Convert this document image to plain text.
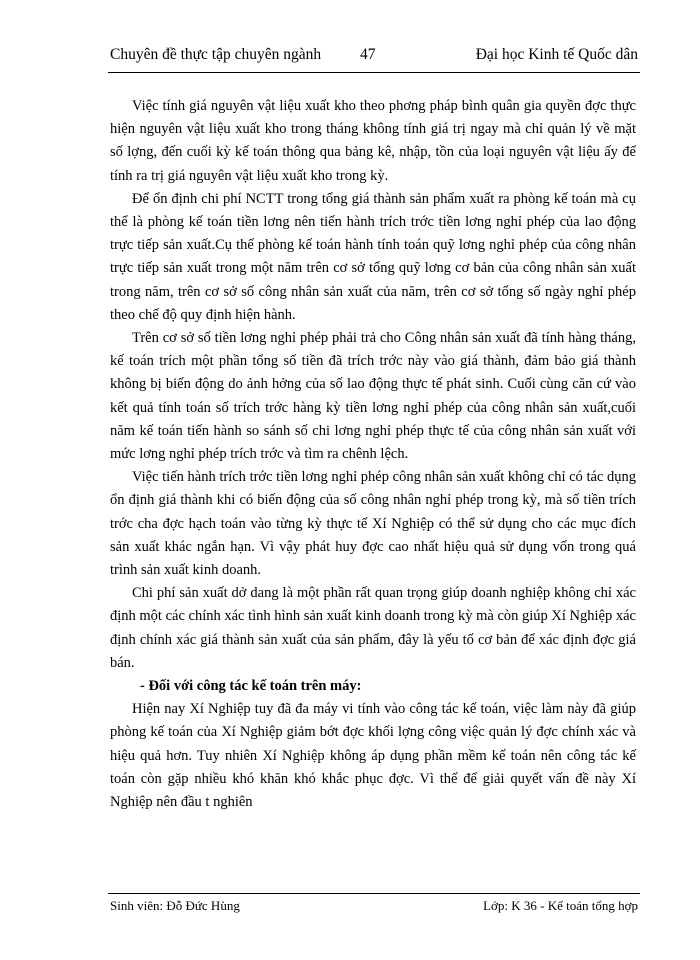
Chuyên đề thực tập chuyên ngành	47	Đại học Kinh tế Quốc dân

Việc tính giá nguyên vật liệu xuất kho theo phơng pháp bình quân gia quyền đợc thực hiện nguyên vật liệu xuất kho trong tháng không tính giá trị ngay mà chỉ quản lý về mặt số lợng, đến cuối kỳ kế toán thông qua bảng kê, nhập, tồn của loại nguyên vật liệu ấy để tính ra trị giá nguyên vật liệu xuất kho trong kỳ.

Để ổn định chi phí NCTT trong tổng giá thành sản phẩm xuất ra phòng kế toán mà cụ thể là phòng kế toán tiền lơng nên tiến hành trích trớc tiền lơng nghỉ phép của lao động trực tiếp sản xuất.Cụ thể phòng kế toán hành tính toán quỹ lơng nghỉ phép của công nhân trực tiếp sản xuất trong một năm trên cơ sở tổng quỹ lơng cơ bản của công nhân sản xuất trong năm, trên cơ sở số công nhân sản xuất của năm, trên cơ sở tổng số ngày nghỉ phép theo chế độ quy định hiện hành.

Trên cơ sở số tiền lơng nghỉ phép phải trả cho Công nhân sản xuất đã tính hàng tháng, kế toán trích một phần tổng số tiền đã trích trớc này vào giá thành, đảm bảo giá thành không bị biến động do ảnh hởng của số lao động thực tế phát sinh. Cuối cùng căn cứ vào kết quả tính toán số trích trớc hàng kỳ tiền lơng nghỉ phép của công nhân sản xuất,cuối năm kế toán tiến hành so sánh số chi lơng nghỉ phép thực tế của công nhân sản xuất với mức lơng nghỉ phép trích trớc và tìm ra chênh lệch.

Việc tiến hành trích trớc tiền lơng nghỉ phép công nhân sản xuất không chỉ có tác dụng ổn định giá thành khi có biến động của số công nhân nghỉ phép trong kỳ, mà số tiền trích trớc cha đợc hạch toán vào từng kỳ thực tế Xí Nghiệp có thể sử dụng cho các mục đích sản xuất khác ngắn hạn. Vì vậy phát huy đợc cao nhất hiệu quả sử dụng vốn trong quá trình sản xuất kinh doanh.

Chi phí sản xuất dở dang là một phần rất quan trọng giúp doanh nghiệp không chỉ xác định một các chính xác tình hình sản xuất kinh doanh trong kỳ mà còn giúp Xí Nghiệp xác định chính xác giá thành sản xuất của sản phẩm, đây là yếu tố cơ bản để xác định đợc giá bán.

- Đối với công tác kế toán trên máy:

Hiện nay Xí Nghiệp tuy đã đa máy vi tính vào công tác kế toán, việc làm này đã giúp phòng kế toán của Xí Nghiệp giảm bớt đợc khối lợng công việc quản lý đợc chính xác và hiệu quả hơn. Tuy nhiên Xí Nghiệp không áp dụng phần mềm kế toán nên công tác kế toán còn gặp nhiều khó khăn khó khắc phục đợc. Vì thế để giải quyết vấn đề này Xí Nghiệp nên đầu t nghiên

Sinh viên: Đỗ Đức Hùng	Lớp: K 36 - Kế toán tổng hợp
